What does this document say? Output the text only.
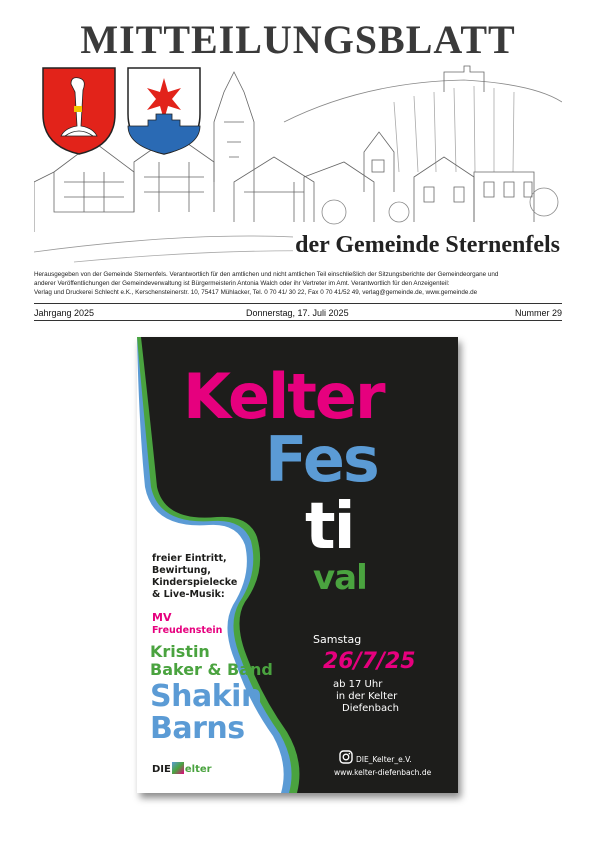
MITTEILUNGSBLATT
der Gemeinde Sternenfels
Herausgegeben von der Gemeinde Sternenfels. Verantwortlich für den amtlichen und nicht amtlichen Teil einschließlich der Sitzungsberichte der Gemeindeorgane und
anderer Veröffentlichungen der Gemeindeverwaltung ist Bürgermeisterin Antonia Walch oder ihr Vertreter im Amt. Verantwortlich für den Anzeigenteil:
Verlag und Druckerei Schlecht e.K., Kerschensteinerstr. 10, 75417 Mühlacker, Tel. 0 70 41/ 30 22, Fax 0 70 41/52 49, verlag@gemeinde.de, www.gemeinde.de
Jahrgang 2025	Donnerstag, 17. Juli 2025	Nummer 29
Kelter
Fes
ti
val
freier Eintritt,
Bewirtung,
Kinderspielecke
& Live-Musik:
MV
Freudenstein
Kristin
Baker & Band
Shakin
Barns
DIE elter
Samstag
26/7/25
ab 17 Uhr
in der Kelter
Diefenbach
DIE_Kelter_e.V.
www.kelter-diefenbach.de
